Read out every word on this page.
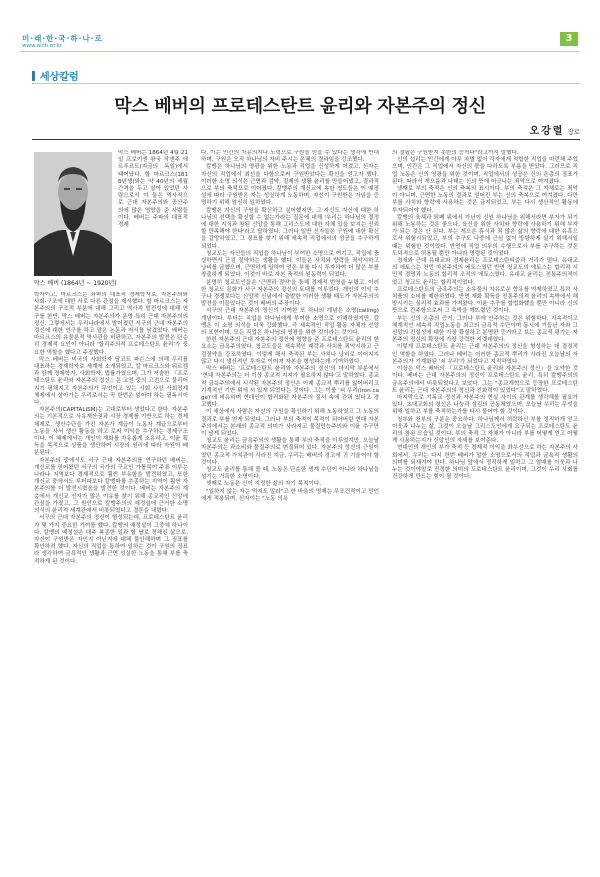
미·래·한·국·하·나·로
www.aich.or.kr
3
세상칼럼
막스 베버의 프로테스탄트 윤리와 자본주의 정신
오강렬 장로
막스 베버 (1864년 ~ 1920년)

막스 베버는 1864년 4월 21일 프로이센 왕국 작센주 에르푸르트(지금의 독일)에서 태어났다. 할 마르크스(1818년생)와는 약 40년의 세월 간격을 두고 살아 있었던 사람으로서 이 둘은 역사적으로 근대 자본주의와 공산주의에 많은 영향을 준 사람들이다. 베버는 주파의 대표적 경제

학자이고, 마르크스는 좌파의 대표적 경제학자로, 자본주의와 사회·구조에 대한 서로 다른 관점을 제시했다. 할 마르크스는 자본주의의 구조적 부분에 대해 그리고 역사적 발전성에 대해 연구를 한반, 막스 베버는 자본주의가 운영 특히 근대 자본주의의 정신, 그렇에서는 우리나라에서 발어졌던 서구의 근대 자본주의 정신에 대한 연구를 하고 말은 논문과 저서를 남겼었다. 베버는 마르크스의 유물론적 역사관을 비판하고, 자본주의 발전은 단순히 경제적 요인이 아니라 '합리주의적 프로테스탄트 윤리'가 중요한 역할을 했다고 주장했다.

막스 베버는 미국의 사회학자 탈코트 파슨스에 의해 우리를 대표하는 경제학자로 세계에 소개되었고, 칼 마르크스와 뒤르켐과 함께 경제학자, 사회학자, 법률가였으며, 그가 저술한 『프로테스탄트 윤리와 자본주의 정신』은 고전 중의 고전으로 불리어지기 평해지고 자본주의가 무엇이고 있는 사회 사상 사회경제 체제에서 살아가는 우리로서는 꼭 한번은 읽어야 하는 필독서이다.

자본주의(CAPITALISM)는 고대로부터 생었다고 한다. 자본주의는 기본적으로 사유재산권과 시장 경제를 기반으로 하는 경제 체제로, 생산수단을 가진 자본가 계급이 노동자 계급으로부터 노동을 사서 생산 활동을 하고 로써 이익을 추구하는 경제구조이다. 이 체제에서는 개인이 재화를 자유롭게 소유하고, 이윤 획득을 목적으로 상품을 생산하여 시장의 원리에 따라 자원이 배분된다.

자본주의 중에서도 서구 근대 자본주의를 연구하던 베버는, 개신교를 믿어왔던 서구의 국가의 구교인 가톨릭이 주류 이루는 나라나 지역보다 경제적으로 훨씬 부유함을 발견하였고, 또한 개신교 중에서도 루터파보다 칼뱅파를 추종하는 지역이 훨씬 자본주의를 더 발전시켰음을 발견한 것이다. 베버는 자본주의 계층에서 개신교 신자가 많은 이유를 찾기 위해 종교적인 신앙에 관심을 가졌고, 그 원인으로 칼뱅주의의 예정설에 근거한 소명 의식의 윤리적 세계관에서 비롯되었다고 결론을 내렸다.

서구의 근대 자본주의 정신이 형성되는데, 프로테스탄트 윤리가 몇 가지 중요한 기여를 했다. 칼뱅의 예정설이 그중에 하나이다. 칼뱅의 예정설은 대주 복종한 일과 할 날로 정해진 삶으로, 자신이 구원받은 자인지 아닌지에 대해 불안해하며 그 징표를 확인하려 했다. 자신의 직업을 통하여 일하는 것이 구원의 징표라 생각하여 금욕적인 생활과 근면 성실한 노동을 통해 부를 축적하게 된 것이다.

다. 이는 인간의 자유의지나 노력으로 구원을 얻을 수 있다는 생각에 반대하며, 구원은 오직 하나님의 자비 주시는 은혜의 결과임을 강조했다.

칼뱅은 하나님의 영광을 위한 노동과 직업을 신성하게 여겼고, 신자는 자신의 직업에서 최선을 다함으로써 구원받았다는 확신을 얻고자 했다. 이러한 소명 의식은 근면과 검약, 절제의 생활 윤리를 만들어냈고, 결과적으로 부의 축적으로 이어졌다. 칼뱅주의 개신교에 속한 청도들은 이 예정설에 따라 구원받은 자는 성실하게 노동하며, 자신이 구원받은 자임을 증명하기 위해 열심히 일하였다.

칼뱅은 자신의 구원을 확신하고 싶어했지만, 그 자신도 자신에 대한 하나님의 선택을 확신할 수 없는가라는 질문에 대해 '우리는 하나님의 결정에 대한 지식과 참된 신앙을 통해 그리스도에 대한 자체 있을 보지는 신뢰할 만족해야 한다'라고 답하였다. 그러나 일반 신자들은 구원에 대한 확신을 갈망하였고, 그 징표를 찾기 위해 세속적 직업에서의 성공을 추구하게 되었다.

청교도는 자신들의 직업을 하나님이 부여한 소명으로 여기고, 직업에 충실하면서 근검 절약하는 생활을 했다. 이들은 사치와 향락을 죄악시하고 낭비를 금했으며, 근면하게 일하여 얻은 부를 다시 투자하여 더 많은 부를 창출하게 되었다. 이것이 바로 자본 축적의 원동력이 되었다.

분명히 청교도인들은 '근면과 절약'을 통해 경제적 번영을 누렸고, 이러한 청교도 문화가 서구 자본주의 정신의 토대를 이루었다. 개인의 이익 추구나 경쟁보다는 신앙적 신념에서 출발한 이러한 생활 태도가 자본주의의 발전을 이끌었다는 것이 베버의 주장이다.

서구의 근대 자본주의 정신의 기여한 또 하나의 개념은 소명(calling) 개념이다. 루터는 직업을 하나님에게 부여한 소명으로 이해하였지만, 칼뱅은 이 소명 의식을 더욱 강화했다. 즉 세속적인 직업 활동 자체가 신앙의 표현이며, 모든 직업은 하나님의 영광을 위한 것이라는 것이다.

한편 자본주의 근대 자본주의 정신에 영향을 준 프로테스탄트 윤리의 한 요소는 금욕주의였다. 청교도들은 세속적인 쾌락과 사치를 죄악시하고 근검절약을 강조하였다. 이렇게 해서 축적된 부는 사치나 낭비로 이어지지 않고 다시 생산적인 투자로 이어져 자본을 형성하는데 기여하였다.

막스 베버는 '프로테스탄트 윤리와 자본주의 정신'의 마지막 부분에서 '현대 자본주의는 더 이상 종교적 지지가 필요하지 않다'고 말하였다. 종교적 금욕주의에서 시작된 자본주의 정신은 이제 종교적 뿌리를 잃어버리고 기계적인 기반 위에 서 있게 되었다는 것이다. 그는 이를 '쇠 우리(iron cage)'에 비유하며 현대인이 합리화된 자본주의 질서 속에 갇혀 있다고 경고했다.

이 세상에서 사람은 자신의 구원을 확신하기 위해 노동하였고 그 노동의 결과로 부를 얻게 되었다. 그러나 부의 축적이 목적이 되어버린 현대 자본주의에서는 본래의 종교적 의미가 사라지고 물질만능주의와 이윤 추구만이 남게 되었다.

청교도 윤리는 금욕주의의 생활을 통해 부의 축적을 이루었지만, 오늘날 자본주의는 과소비와 물질주의로 변질되어 있다. 자본주의 정신의 근원이었던 종교적 가치관이 사라진 지금, 우리는 베버의 경고에 귀 기울여야 할 것이다.

청교도 윤리를 통해 볼 때, 노동은 단순한 생계 수단이 아니라 하나님을 섬기는 거룩한 소명이다.

셋째로 노동은 신이 지정한 삶의 자기 목적이다.

"일하지 않는 자는 먹지도 말라"고 한 바울의 명제는 무조건적이고 만인에게 적용되며, 신자이는 "노동 의욕

의 결핍은 구원받지 못한의 증거다"라고까지 말했다.

신의 섭리는 인간에게 아무 차별 없이 각자에게 적합한 직업을 마련해 주었으며, 인간은 그 직업에서 자신의 몫을 다하도록 부름을 받았다. 그러므로 직업 노동은 신의 영광을 위한 것이며, 직업에서의 성공은 신의 은총의 징표가 된다. 따라서 게으름과 나태는 신의 뜻에 어긋나는 죄악으로 여겨졌다.

넷째로 부의 축적은 신의 축복의 표시이다. 부의 축적은 그 자체로는 죄악이 아니며, 근면한 노동의 결과로 얻어진 부는 신의 축복으로 여겨졌다. 다만 부를 사치와 향락에 사용하는 것은 금지되었고, 부는 다시 생산적인 활동에 투자되어야 했다.

칼뱅의 육체과 퇴폐 위에서 가난이 신원 하나님을 위해서라면 부자가 되기 위해 노동하는 것은 좋으나, 육신을 위한 사치와 향락에 사용하기 위해 부자가 되는 것은 안 된다. 부는 게으른 휴식과 죄 많은 삶의 향락에 대한 유혹으로서 위험시되었고, 부의 추구도 나중에 근심 없이 방탕하게 살기 위해서일 때는 위험한 것이었다. 반면에 직업 의무의 수행으로서 부를 추구하는 것은 도덕적으로 허용될 뿐만 아니라 명령된 것이었다.

정세와 근대 유대교와 경제윤리는 프로테스탄티즘과 거리가 멀다. 유대교의 에토스는 천민 자본주의의 에토스였던 반면 청교도의 에토스는 합리적 시민적 경영과 노동의 합리적 조직의 에토스였다. 유대교 윤리는 전통주의적이었고 청교도 윤리는 합리적이었다.

프로테스탄트의 금욕주의는 소유물의 자유로운 향유를 억제하였고 특히 사치품의 소비를 제한하였다. 반면 재화 획득을 전통주의적 윤리의 속박에서 해방시키는 심리적 효과를 가져왔다. 이윤 추구를 합법화했을 뿐만 아니라 신의 뜻으로 간주함으로써 그 속박을 깨뜨렸던 것이다.

부는 신의 은총의 증거, 그러나 부에 안주하는 것은 위험하다. 지속적이고 체계적인 세속적 직업노동을 최고의 금욕적 수단이며 동시에 거듭난 자와 그 신앙의 진실성에 대한 가장 확실하고 분명한 증거라고 보는 종교적 평가는 자본주의 정신의 확장에 가장 강력한 지렛대였다.

이렇게 프로테스탄트 윤리는 근대 자본주의의 정신을 형성하는 데 결정적인 역할을 하였다. 그러나 베버는 이러한 종교적 뿌리가 사라진 오늘날의 자본주의가 기계화된 '쇠 우리'가 되었다고 지적하였다.

이상은 막스 베버의 『프로테스탄트 윤리와 자본주의 정신』을 요약한 것이다. 베버는 근대 자본주의의 정신이 프로테스탄트 윤리, 특히 칼뱅주의의 금욕주의에서 비롯되었다고 보았다. 그는 "종교개혁으로 등장한 프로테스탄트 윤리는 근대 자본주의의 정신과 친화력이 있었다"고 말하였다.

마지막으로 기독교 정신과 자본주의 현실 사이의 관계를 생각해볼 필요가 있다. 초대교회의 정신은 나눔과 섬김의 공동체였으며, 오늘날 우리는 무엇을 위해 일하고 부를 축적하는가를 다시 물어야 할 것이다.

청부와 천부의 구분은 중요하다. 하나님께서 허락하신 부를 정직하게 얻고 이웃과 나누는 삶, 그것이 오늘날 그리스도인에게 요구되는 프로테스탄트 윤리의 참된 모습일 것이다. 부의 축적 그 자체가 아니라 부를 어떻게 얻고 어떻게 사용하는지가 신앙인의 자세를 보여준다.

현대인의 개인의 부가 축적 등 경제적 이익을 최우선으로 하는 자본주의 사회에서, 우리는 다시 한번 베버가 말한 소명으로서의 직업과 금욕적 생활의 의미를 되새겨야 한다. 하나님 앞에서 정직하게 일하고 그 열매를 이웃과 나누는 것이야말로 진정한 의미의 프로테스탄트 윤리이며, 그것이 우리 사회를 건강하게 만드는 힘이 될 것이다.
